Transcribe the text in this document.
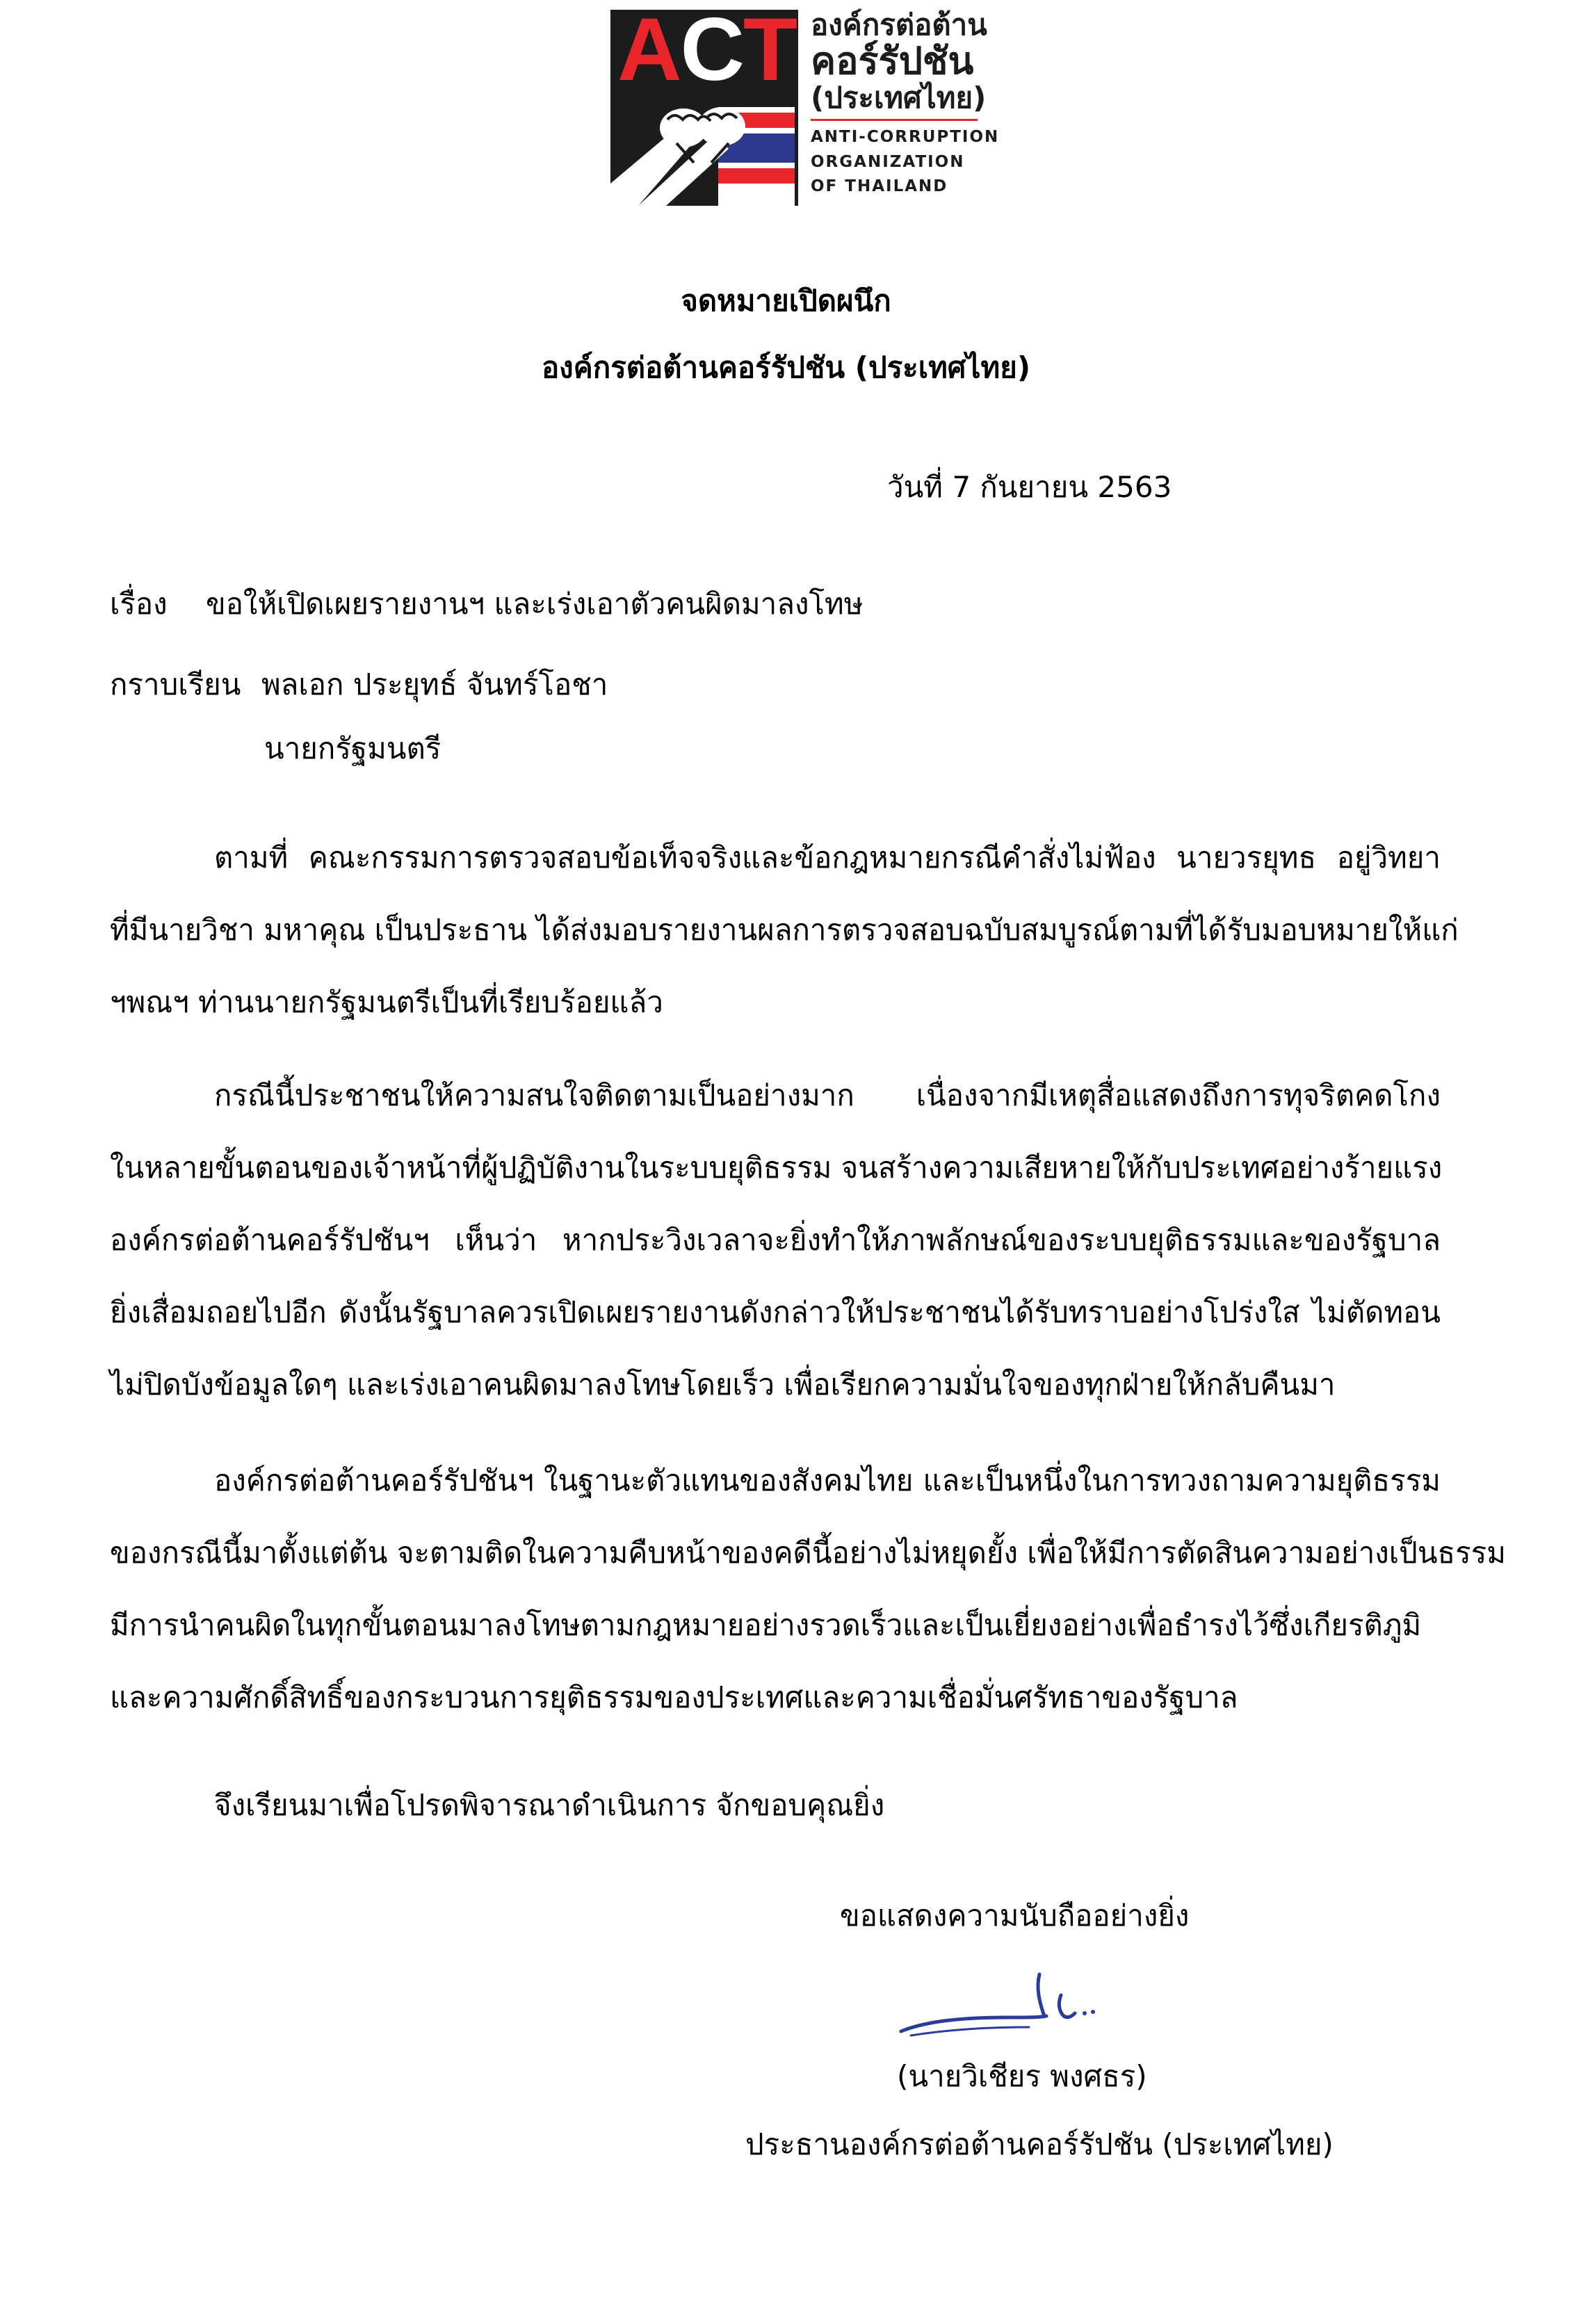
ACT องค์กรต่อต้าน
คอร์รัปชัน
(ประเทศไทย)
ANTI-CORRUPTION
ORGANIZATION
OF THAILAND
จดหมายเปิดผนึก
องค์กรต่อต้านคอร์รัปชัน (ประเทศไทย)
วันที่ 7 กันยายน 2563
เรื่อง ขอให้เปิดเผยรายงานฯ และเร่งเอาตัวคนผิดมาลงโทษ
กราบเรียน พลเอก ประยุทธ์ จันทร์โอชา
นายกรัฐมนตรี
ตามที่ คณะกรรมการตรวจสอบข้อเท็จจริงและข้อกฎหมายกรณีคำสั่งไม่ฟ้อง นายวรยุทธ อยู่วิทยา
ที่มีนายวิชา มหาคุณ เป็นประธาน ได้ส่งมอบรายงานผลการตรวจสอบฉบับสมบูรณ์ตามที่ได้รับมอบหมายให้แก่
ฯพณฯ ท่านนายกรัฐมนตรีเป็นที่เรียบร้อยแล้ว
กรณีนี้ประชาชนให้ความสนใจติดตามเป็นอย่างมาก เนื่องจากมีเหตุสื่อแสดงถึงการทุจริตคดโกง
ในหลายขั้นตอนของเจ้าหน้าที่ผู้ปฏิบัติงานในระบบยุติธรรม จนสร้างความเสียหายให้กับประเทศอย่างร้ายแรง
องค์กรต่อต้านคอร์รัปชันฯ เห็นว่า หากประวิงเวลาจะยิ่งทำให้ภาพลักษณ์ของระบบยุติธรรมและของรัฐบาล
ยิ่งเสื่อมถอยไปอีก ดังนั้นรัฐบาลควรเปิดเผยรายงานดังกล่าวให้ประชาชนได้รับทราบอย่างโปร่งใส ไม่ตัดทอน
ไม่ปิดบังข้อมูลใดๆ และเร่งเอาคนผิดมาลงโทษโดยเร็ว เพื่อเรียกความมั่นใจของทุกฝ่ายให้กลับคืนมา
องค์กรต่อต้านคอร์รัปชันฯ ในฐานะตัวแทนของสังคมไทย และเป็นหนึ่งในการทวงถามความยุติธรรม
ของกรณีนี้มาตั้งแต่ต้น จะตามติดในความคืบหน้าของคดีนี้อย่างไม่หยุดยั้ง เพื่อให้มีการตัดสินความอย่างเป็นธรรม
มีการนำคนผิดในทุกขั้นตอนมาลงโทษตามกฎหมายอย่างรวดเร็วและเป็นเยี่ยงอย่างเพื่อธำรงไว้ซึ่งเกียรติภูมิ
และความศักดิ์สิทธิ์ของกระบวนการยุติธรรมของประเทศและความเชื่อมั่นศรัทธาของรัฐบาล
จึงเรียนมาเพื่อโปรดพิจารณาดำเนินการ จักขอบคุณยิ่ง
ขอแสดงความนับถืออย่างยิ่ง
(นายวิเชียร พงศธร)
ประธานองค์กรต่อต้านคอร์รัปชัน (ประเทศไทย)
